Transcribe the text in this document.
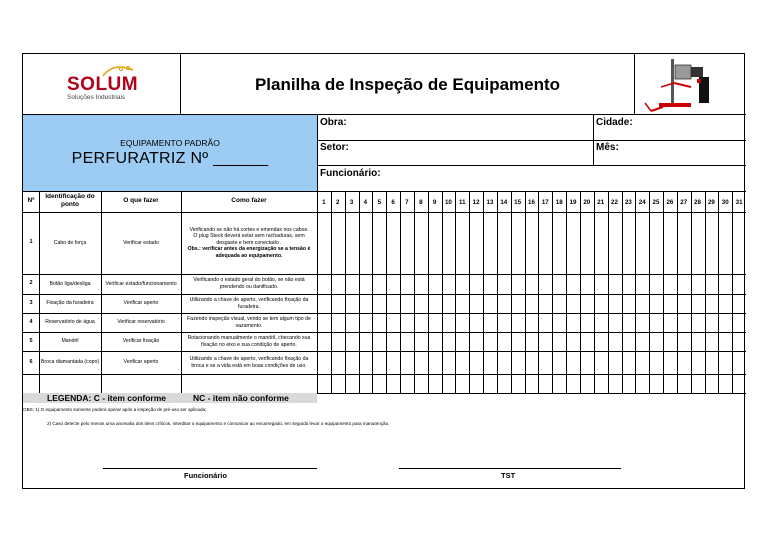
SOLUM
Soluções Industriais
Planilha de Inspeção de Equipamento
EQUIPAMENTO PADRÃO
PERFURATRIZ Nº ______
Obra:	Cidade:
Setor:	Mês:
Funcionário:
Nº
Identificação do ponto	O que fazer	Como fazer	1	2	3	4	5	6	7	8	9	10	11	12	13	14	15	16	17	18	19	20	21	22	23	24	25	26	27	28	29	30	31
1	Cabo de força	Verificar estado
Verificando se não há cortes e emendas nos cabos.
O plug Steck deverá estar sem rachaduras, sem desgaste e bem conectado .
Obs.: verificar antes da energização se a tensão é adequada ao equipamento.
2	Botão liga/desliga	Verificar estado/funcionamento
Verificando o estado geral do botão, se não está prendendo ou danificado.
3	Fixação da furadeira	Verificar aperto
Utilizando a chave de aperto, verificando fixação da furadeira.
4	Reservatório de água	Verificar reservatório
Fazendo inspeção visual, vendo se tem algum tipo de vazamento.
5	Mandril	Verificar fixação
Rotacionando manualmente o mandril, checando sua fixação no eixo e sua condição de aperto.
6	Broca diamantada (copo)	Verificar aperto
Utilizando a chave de aperto, verificando fixação da broca e se a vida está em boas condições de uso.
LEGENDA: C - item conforme	NC - item não conforme
OBS: 1) O equipamento somente poderá operar após a inspeção de pré-uso ser aplicada;
2) Caso detecte pelo menos uma anomalia dos itens críticos, interditar o equipamento e comunicar ao encarregado, em seguida levar o equipamento para manutenção.
Funcionário	TST
